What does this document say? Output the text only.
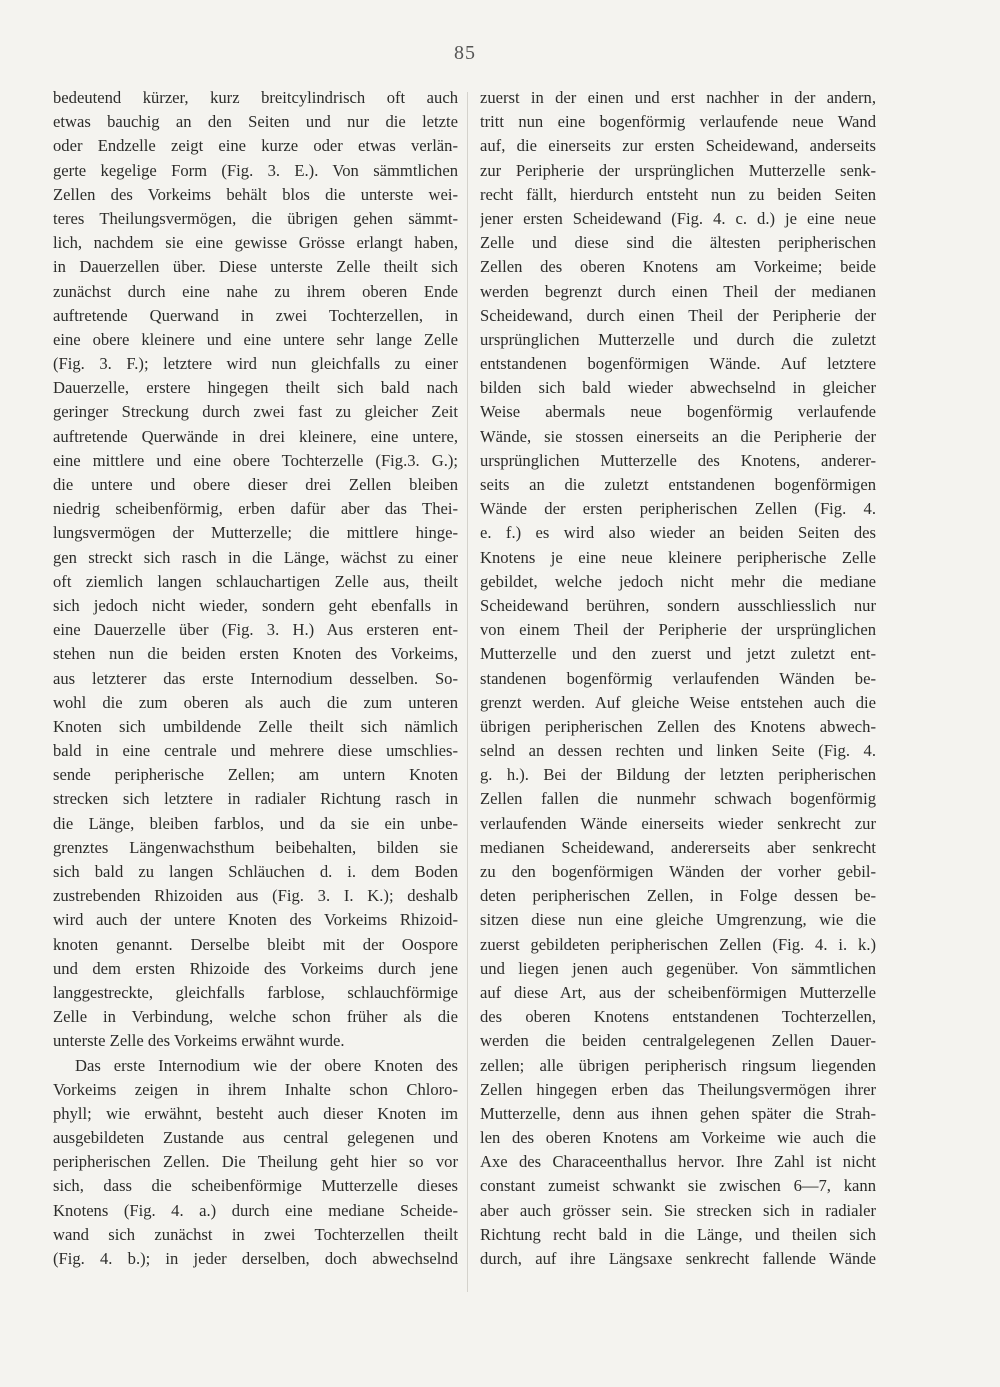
85
bedeutend kürzer, kurz breitcylindrisch oft auch
etwas bauchig an den Seiten und nur die letzte
oder Endzelle zeigt eine kurze oder etwas verlän-
gerte kegelige Form (Fig. 3. E.). Von sämmtlichen
Zellen des Vorkeims behält blos die unterste wei-
teres Theilungsvermögen, die übrigen gehen sämmt-
lich, nachdem sie eine gewisse Grösse erlangt haben,
in Dauerzellen über. Diese unterste Zelle theilt sich
zunächst durch eine nahe zu ihrem oberen Ende
auftretende Querwand in zwei Tochterzellen, in
eine obere kleinere und eine untere sehr lange Zelle
(Fig. 3. F.); letztere wird nun gleichfalls zu einer
Dauerzelle, erstere hingegen theilt sich bald nach
geringer Streckung durch zwei fast zu gleicher Zeit
auftretende Querwände in drei kleinere, eine untere,
eine mittlere und eine obere Tochterzelle (Fig.3. G.);
die untere und obere dieser drei Zellen bleiben
niedrig scheibenförmig, erben dafür aber das Thei-
lungsvermögen der Mutterzelle; die mittlere hinge-
gen streckt sich rasch in die Länge, wächst zu einer
oft ziemlich langen schlauchartigen Zelle aus, theilt
sich jedoch nicht wieder, sondern geht ebenfalls in
eine Dauerzelle über (Fig. 3. H.) Aus ersteren ent-
stehen nun die beiden ersten Knoten des Vorkeims,
aus letzterer das erste Internodium desselben. So-
wohl die zum oberen als auch die zum unteren
Knoten sich umbildende Zelle theilt sich nämlich
bald in eine centrale und mehrere diese umschlies-
sende peripherische Zellen; am untern Knoten
strecken sich letztere in radialer Richtung rasch in
die Länge, bleiben farblos, und da sie ein unbe-
grenztes Längenwachsthum beibehalten, bilden sie
sich bald zu langen Schläuchen d. i. dem Boden
zustrebenden Rhizoiden aus (Fig. 3. I. K.); deshalb
wird auch der untere Knoten des Vorkeims Rhizoid-
knoten genannt. Derselbe bleibt mit der Oospore
und dem ersten Rhizoide des Vorkeims durch jene
langgestreckte, gleichfalls farblose, schlauchförmige
Zelle in Verbindung, welche schon früher als die
unterste Zelle des Vorkeims erwähnt wurde.
Das erste Internodium wie der obere Knoten des
Vorkeims zeigen in ihrem Inhalte schon Chloro-
phyll; wie erwähnt, besteht auch dieser Knoten im
ausgebildeten Zustande aus central gelegenen und
peripherischen Zellen. Die Theilung geht hier so vor
sich, dass die scheibenförmige Mutterzelle dieses
Knotens (Fig. 4. a.) durch eine mediane Scheide-
wand sich zunächst in zwei Tochterzellen theilt
(Fig. 4. b.); in jeder derselben, doch abwechselnd
zuerst in der einen und erst nachher in der andern,
tritt nun eine bogenförmig verlaufende neue Wand
auf, die einerseits zur ersten Scheidewand, anderseits
zur Peripherie der ursprünglichen Mutterzelle senk-
recht fällt, hierdurch entsteht nun zu beiden Seiten
jener ersten Scheidewand (Fig. 4. c. d.) je eine neue
Zelle und diese sind die ältesten peripherischen
Zellen des oberen Knotens am Vorkeime; beide
werden begrenzt durch einen Theil der medianen
Scheidewand, durch einen Theil der Peripherie der
ursprünglichen Mutterzelle und durch die zuletzt
entstandenen bogenförmigen Wände. Auf letztere
bilden sich bald wieder abwechselnd in gleicher
Weise abermals neue bogenförmig verlaufende
Wände, sie stossen einerseits an die Peripherie der
ursprünglichen Mutterzelle des Knotens, anderer-
seits an die zuletzt entstandenen bogenförmigen
Wände der ersten peripherischen Zellen (Fig. 4.
e. f.) es wird also wieder an beiden Seiten des
Knotens je eine neue kleinere peripherische Zelle
gebildet, welche jedoch nicht mehr die mediane
Scheidewand berühren, sondern ausschliesslich nur
von einem Theil der Peripherie der ursprünglichen
Mutterzelle und den zuerst und jetzt zuletzt ent-
standenen bogenförmig verlaufenden Wänden be-
grenzt werden. Auf gleiche Weise entstehen auch die
übrigen peripherischen Zellen des Knotens abwech-
selnd an dessen rechten und linken Seite (Fig. 4.
g. h.). Bei der Bildung der letzten peripherischen
Zellen fallen die nunmehr schwach bogenförmig
verlaufenden Wände einerseits wieder senkrecht zur
medianen Scheidewand, andererseits aber senkrecht
zu den bogenförmigen Wänden der vorher gebil-
deten peripherischen Zellen, in Folge dessen be-
sitzen diese nun eine gleiche Umgrenzung, wie die
zuerst gebildeten peripherischen Zellen (Fig. 4. i. k.)
und liegen jenen auch gegenüber. Von sämmtlichen
auf diese Art, aus der scheibenförmigen Mutterzelle
des oberen Knotens entstandenen Tochterzellen,
werden die beiden centralgelegenen Zellen Dauer-
zellen; alle übrigen peripherisch ringsum liegenden
Zellen hingegen erben das Theilungsvermögen ihrer
Mutterzelle, denn aus ihnen gehen später die Strah-
len des oberen Knotens am Vorkeime wie auch die
Axe des Characeenthallus hervor. Ihre Zahl ist nicht
constant zumeist schwankt sie zwischen 6—7, kann
aber auch grösser sein. Sie strecken sich in radialer
Richtung recht bald in die Länge, und theilen sich
durch, auf ihre Längsaxe senkrecht fallende Wände
